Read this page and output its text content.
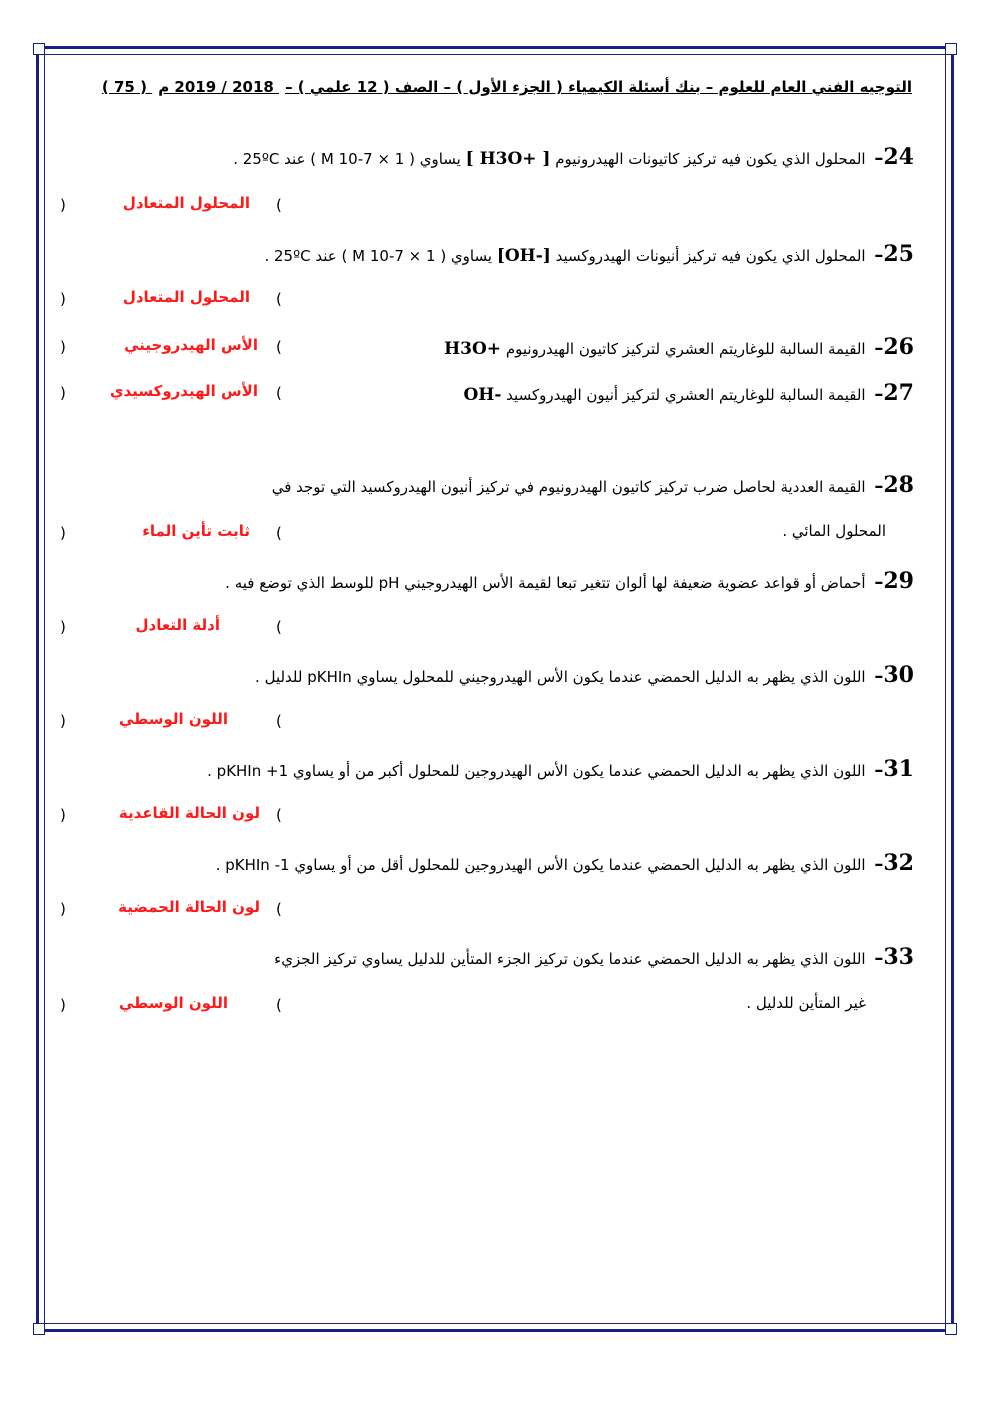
التوجيه الفني العام للعلوم – بنك أسئلة الكيمياء ( الجزء الأول ) – الصف ( 12 علمي ) – 2018 / 2019 م ( 75 )
24– المحلول الذي يكون فيه تركيز كاتيونات الهيدرونيوم [ H3O+ ] يساوي ( M 10-7 × 1 ) عند 25ºC .
)	المحلول المتعادل (
25– المحلول الذي يكون فيه تركيز أنيونات الهيدروكسيد [OH-] يساوي ( M 10-7 × 1 ) عند 25ºC .
)	المحلول المتعادل (
26– القيمة السالبة للوغاريتم العشري لتركيز كاتيون الهيدرونيوم H3O+
)	الأس الهيدروجيني (
27– القيمة السالبة للوغاريتم العشري لتركيز أنيون الهيدروكسيد OH-
)	الأس الهيدروكسيدي (
28– القيمة العددية لحاصل ضرب تركيز كاتيون الهيدرونيوم في تركيز أنيون الهيدروكسيد التي توجد في
المحلول المائي .
)	ثابت تأين الماء (
29– أحماض أو قواعد عضوية ضعيفة لها ألوان تتغير تبعا لقيمة الأس الهيدروجيني pH للوسط الذي توضع فيه .
)	أدلة التعادل	(
30– اللون الذي يظهر به الدليل الحمضي عندما يكون الأس الهيدروجيني للمحلول يساوي pKHIn للدليل .
)	اللون الوسطي	(
31– اللون الذي يظهر به الدليل الحمضي عندما يكون الأس الهيدروجين للمحلول أكبر من أو يساوي pKHIn +1 .
)	لون الحالة القاعدية (
32– اللون الذي يظهر به الدليل الحمضي عندما يكون الأس الهيدروجين للمحلول أقل من أو يساوي pKHIn -1 .
)	لون الحالة الحمضية (
33– اللون الذي يظهر به الدليل الحمضي عندما يكون تركيز الجزء المتأين للدليل يساوي تركيز الجزيء
غير المتأين للدليل .
)	اللون الوسطي	(
